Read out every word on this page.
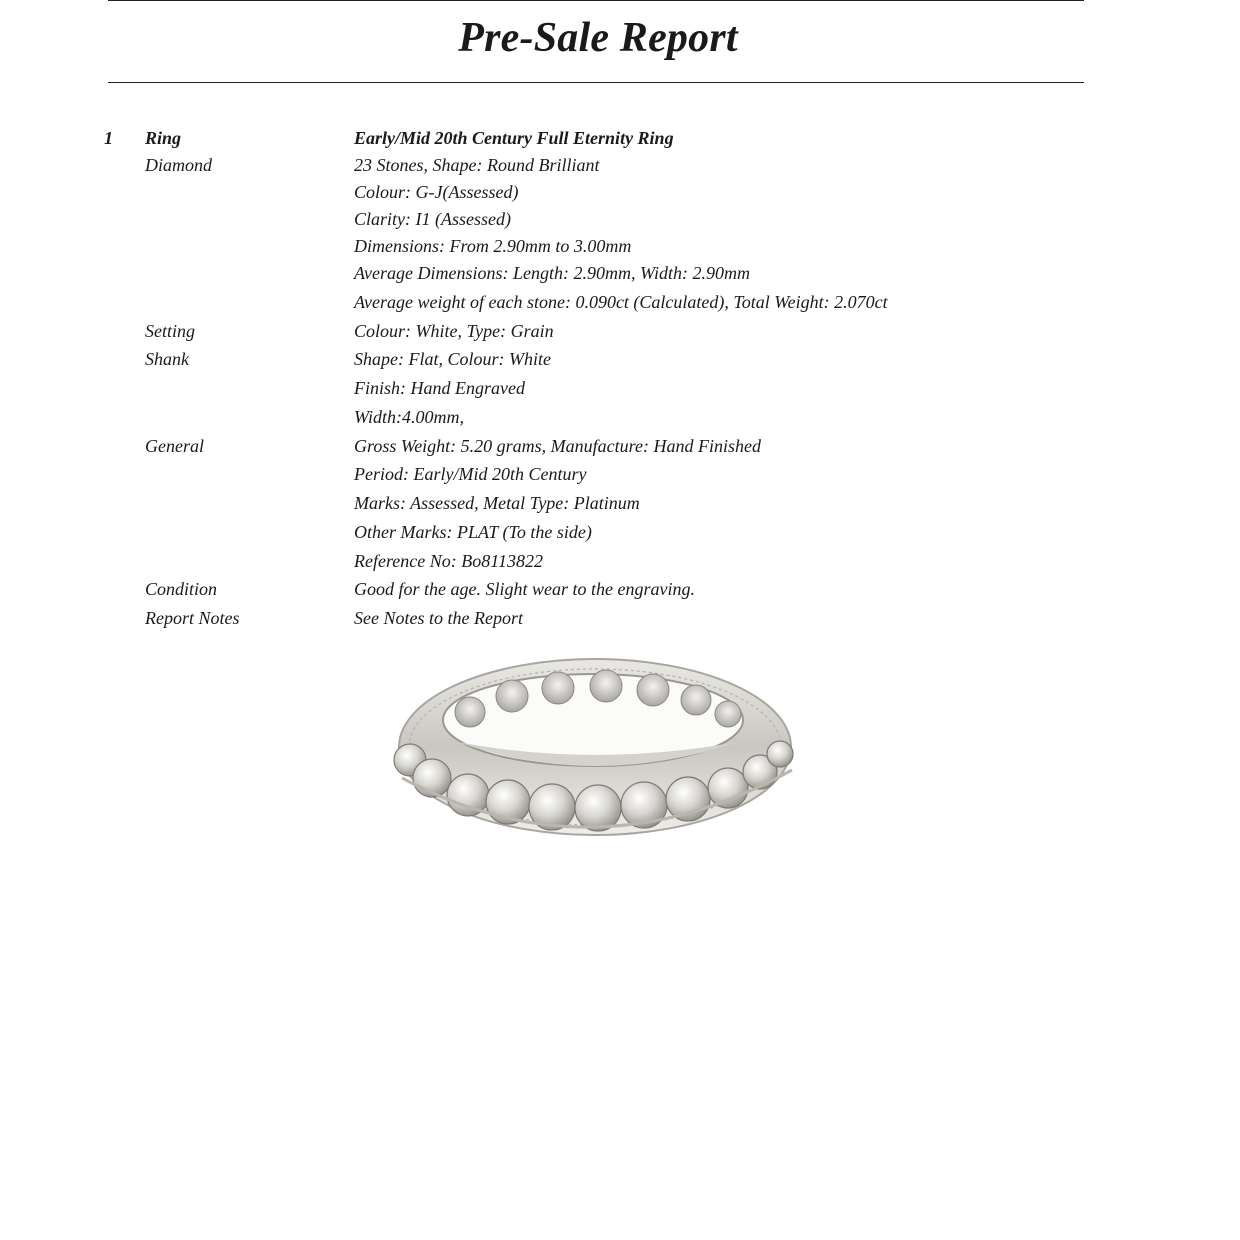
Pre-Sale Report
1 Ring	Early/Mid 20th Century Full Eternity Ring
Diamond	23 Stones, Shape: Round Brilliant
Colour: G-J(Assessed)
Clarity: I1 (Assessed)
Dimensions: From 2.90mm to 3.00mm
Average Dimensions: Length: 2.90mm, Width: 2.90mm
Average weight of each stone: 0.090ct (Calculated), Total Weight: 2.070ct
Setting	Colour: White, Type: Grain
Shank	Shape: Flat, Colour: White
Finish: Hand Engraved
Width:4.00mm,
General	Gross Weight: 5.20 grams, Manufacture: Hand Finished
Period: Early/Mid 20th Century
Marks: Assessed, Metal Type: Platinum
Other Marks: PLAT (To the side)
Reference No: Bo8113822
Condition	Good for the age. Slight wear to the engraving.
Report Notes	See Notes to the Report
